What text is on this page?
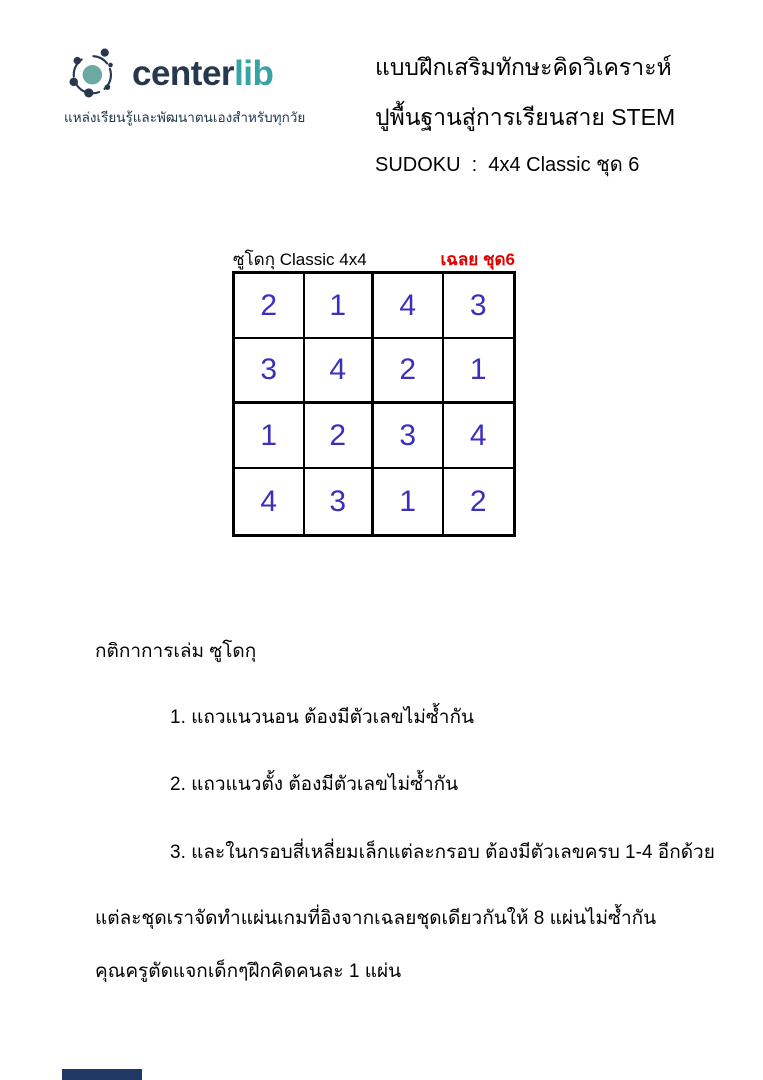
centerlib
แหล่งเรียนรู้และพัฒนาตนเองสำหรับทุกวัย
แบบฝึกเสริมทักษะคิดวิเคราะห์
ปูพื้นฐานสู่การเรียนสาย STEM
SUDOKU  :  4x4 Classic ชุด 6
ซูโดกุ Classic 4x4	เฉลย ชุด6
2	1	4	3
3	4	2	1
1	2	3	4
4	3	1	2
กติกาการเล่ม ซูโดกุ
1. แถวแนวนอน ต้องมีตัวเลขไม่ซ้ำกัน
2. แถวแนวตั้ง ต้องมีตัวเลขไม่ซ้ำกัน
3. และในกรอบสี่เหลี่ยมเล็กแต่ละกรอบ ต้องมีตัวเลขครบ 1-4 อีกด้วย
แต่ละชุดเราจัดทำแผ่นเกมที่อิงจากเฉลยชุดเดียวกันให้ 8 แผ่นไม่ซ้ำกัน
คุณครูตัดแจกเด็กๆฝึกคิดคนละ 1 แผ่น
